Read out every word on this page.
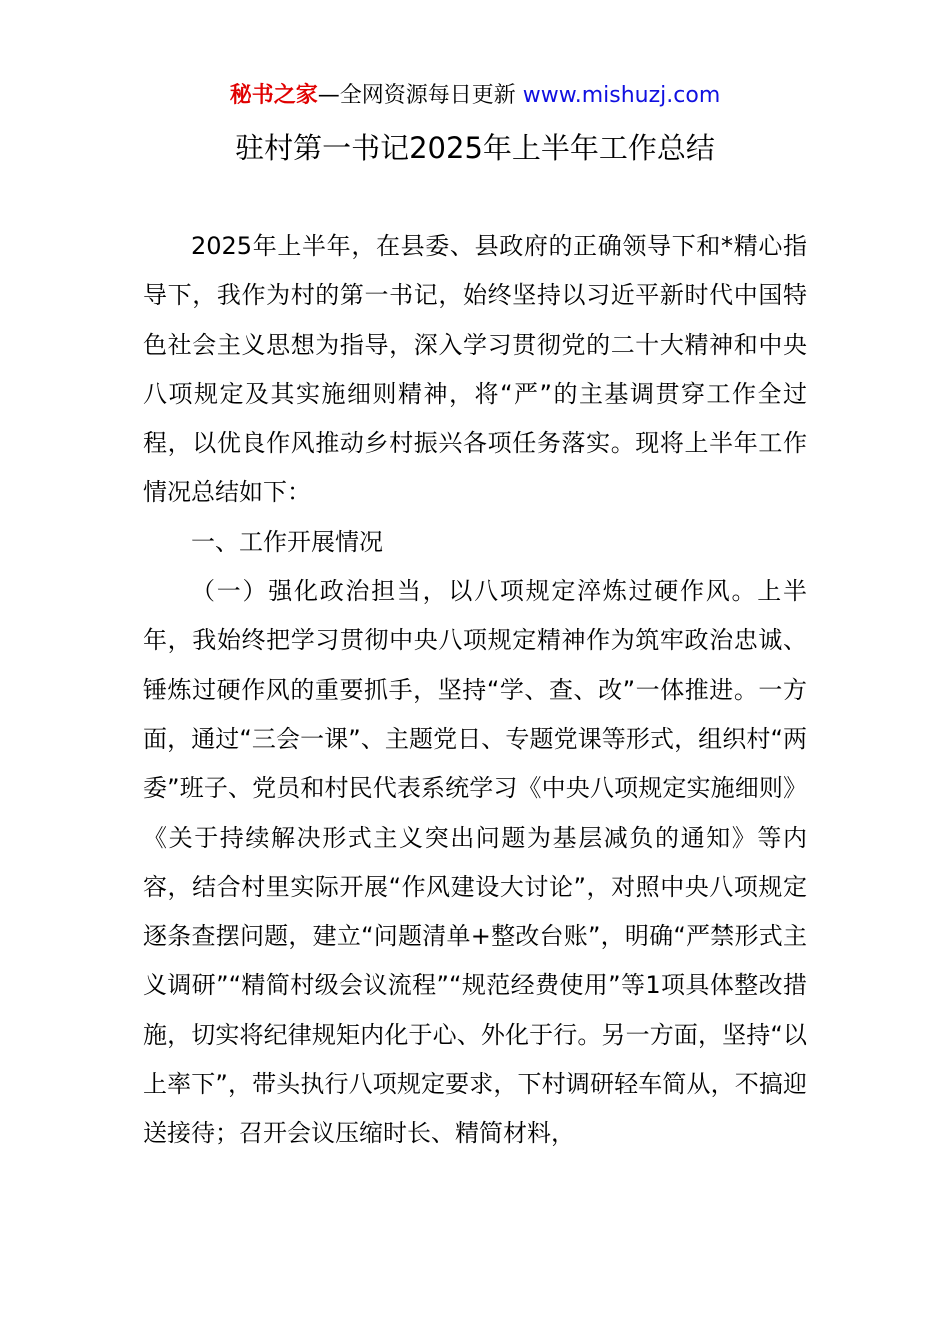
秘书之家—全网资源每日更新 www.mishuzj.com
驻村第一书记2025年上半年工作总结

2025年上半年，在县委、县政府的正确领导下和*精心指导下，我作为村的第一书记，始终坚持以习近平新时代中国特色社会主义思想为指导，深入学习贯彻党的二十大精神和中央八项规定及其实施细则精神，将“严”的主基调贯穿工作全过程，以优良作风推动乡村振兴各项任务落实。现将上半年工作情况总结如下：

一、工作开展情况

（一）强化政治担当，以八项规定淬炼过硬作风。上半年，我始终把学习贯彻中央八项规定精神作为筑牢政治忠诚、锤炼过硬作风的重要抓手，坚持“学、查、改”一体推进。一方面，通过“三会一课”、主题党日、专题党课等形式，组织村“两委”班子、党员和村民代表系统学习《中央八项规定实施细则》《关于持续解决形式主义突出问题为基层减负的通知》等内容，结合村里实际开展“作风建设大讨论”，对照中央八项规定逐条查摆问题，建立“问题清单+整改台账”，明确“严禁形式主义调研”“精简村级会议流程”“规范经费使用”等1项具体整改措施，切实将纪律规矩内化于心、外化于行。另一方面，坚持“以上率下”，带头执行八项规定要求，下村调研轻车简从，不搞迎送接待；召开会议压缩时长、精简材料，
